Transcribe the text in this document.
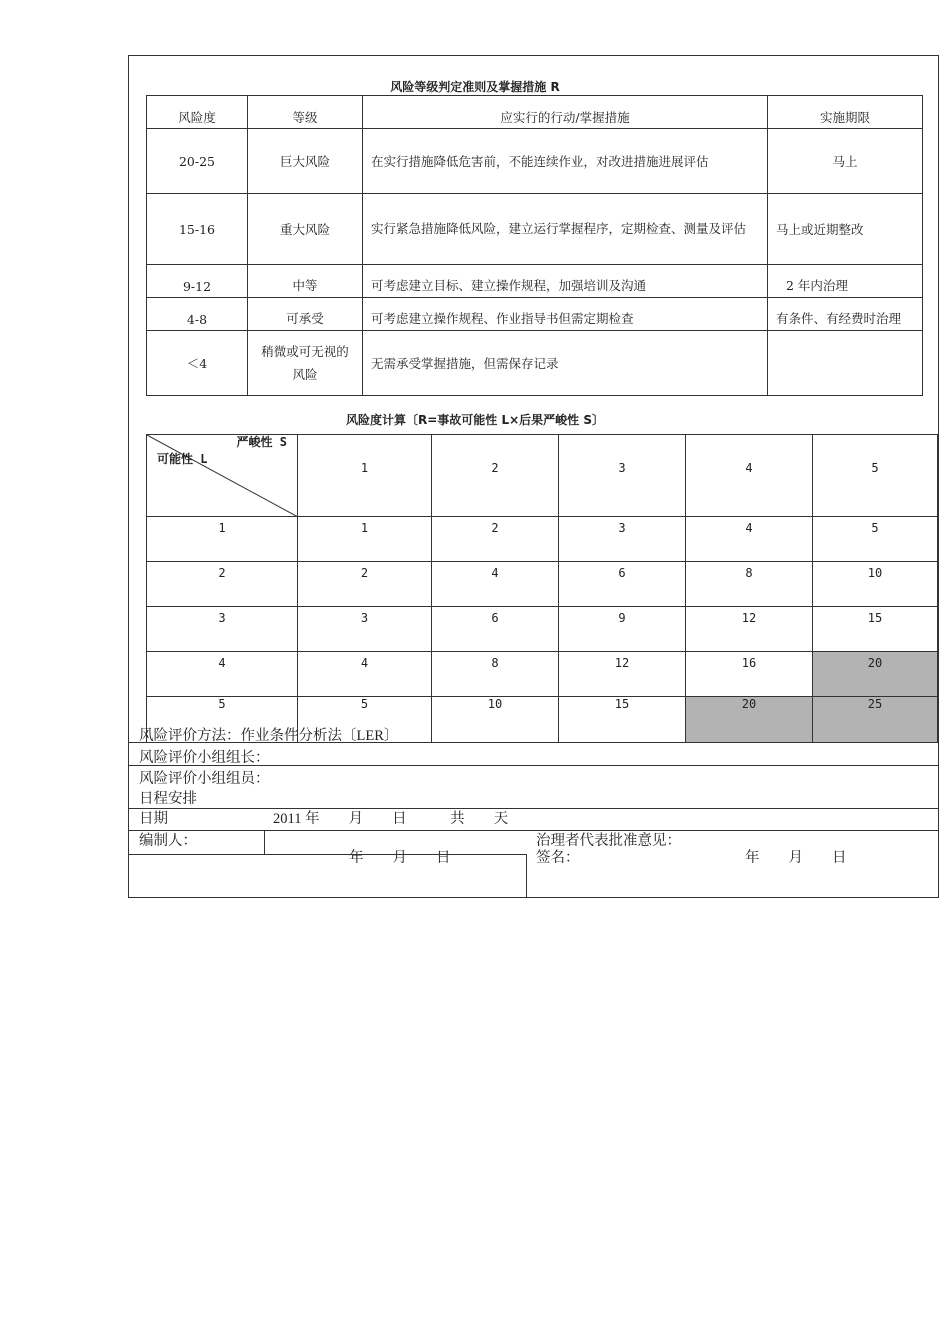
风险等级判定准则及掌握措施 R
风险度	等级	应实行的行动/掌握措施	实施期限
20-25	巨大风险	在实行措施降低危害前，不能连续作业，对改进措施进展评估	马上
15-16	重大风险	实行紧急措施降低风险，建立运行掌握程序，定期检查、测量及评估	马上或近期整改
9-12	中等	可考虑建立目标、建立操作规程，加强培训及沟通	2 年内治理
4-8	可承受	可考虑建立操作规程、作业指导书但需定期检查	有条件、有经费时治理
＜4	稍微或可无视的风险	无需承受掌握措施，但需保存记录	
风险度计算〔R=事故可能性 L×后果严峻性 S〕
严峻性 S
可能性 L	1	2	3	4	5
1	1	2	3	4	5
2	2	4	6	8	10
3	3	6	9	12	15
4	4	8	12	16	20
5	5	10	15	20	25
风险评价方法：作业条件分析法〔LER〕
风险评价小组组长：
风险评价小组组员：
日程安排
日期	2011 年　　月　　日　　　共　　天
编制人：
年　　月　　日
治理者代表批准意见：
签名：	年　　月　　日
